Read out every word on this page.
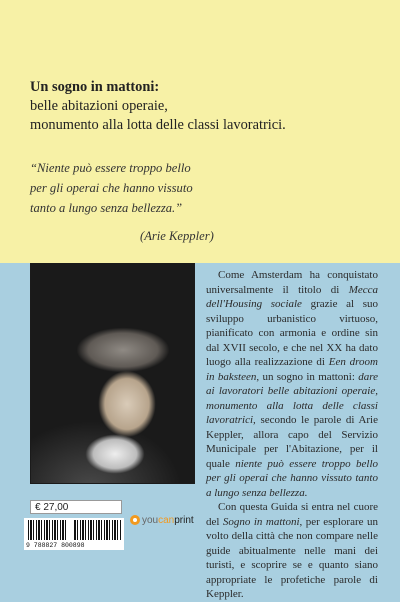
Un sogno in mattoni:
belle abitazioni operaie,
monumento alla lotta delle classi lavoratrici.
“Niente può essere troppo bello
per gli operai che hanno vissuto
tanto a lungo senza bellezza.”
(Arie Keppler)

Come Amsterdam ha conquistato universalmente il titolo di Mecca dell'Housing sociale grazie al suo sviluppo urbanistico virtuoso, pianificato con armonia e ordine sin dal XVII secolo, e che nel XX ha dato luogo alla realizzazione di Een droom in baksteen, un sogno in mattoni: dare ai lavoratori belle abitazioni operaie, monumento alla lotta delle classi lavoratrici, secondo le parole di Arie Keppler, allora capo del Servizio Municipale per l'Abitazione, per il quale niente può essere troppo bello per gli operai che hanno vissuto tanto a lungo senza bellezza.

Con questa Guida si entra nel cuore del Sogno in mattoni, per esplorare un volto della città che non compare nelle guide abitualmente nelle mani dei turisti, e scoprire se e quanto siano appropriate le profetiche parole di Keppler.

€ 27,00
9 788827 800898
you can print
